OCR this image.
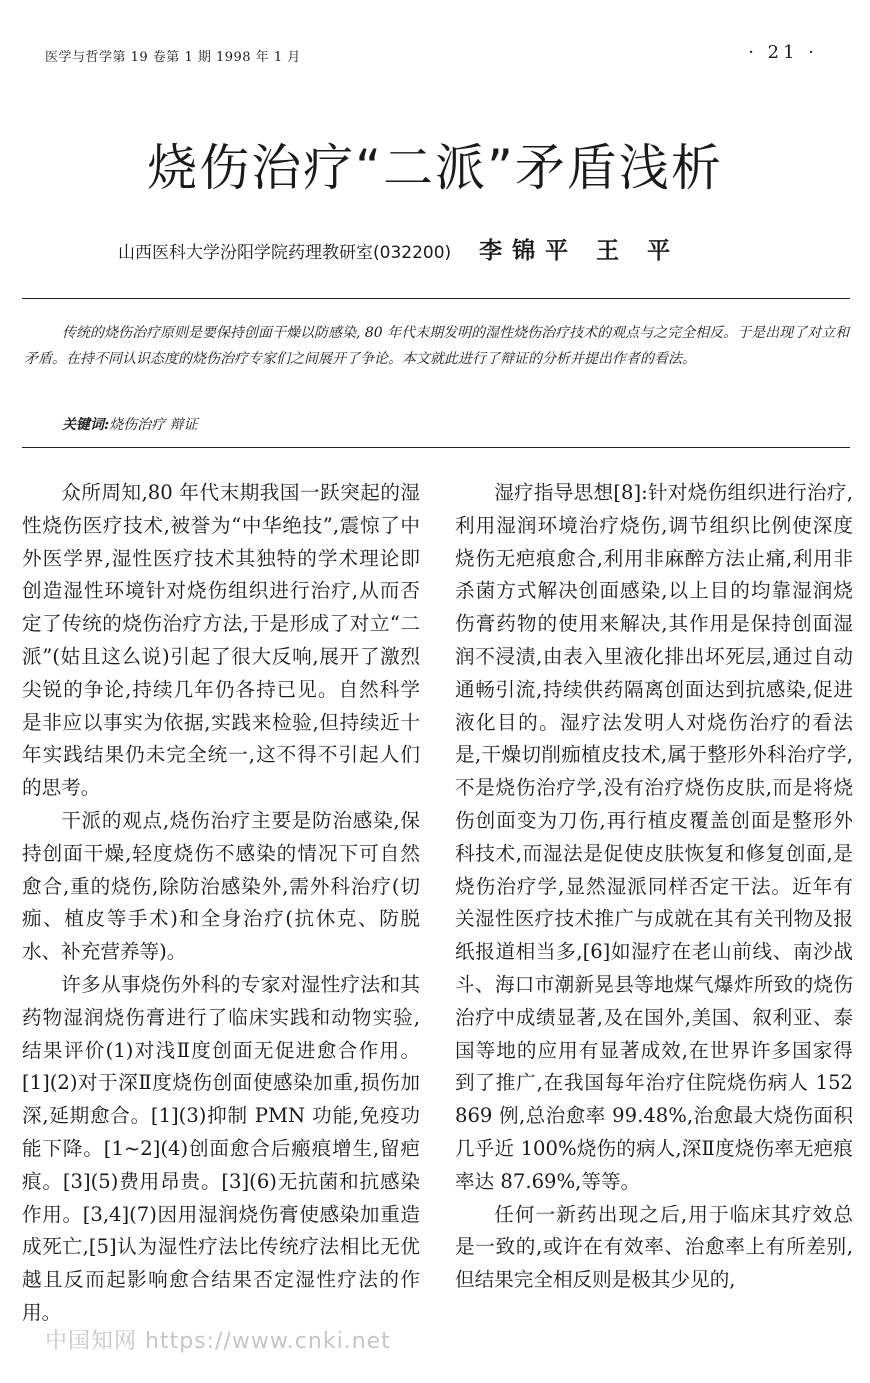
医学与哲学第 19 卷第 1 期 1998 年 1 月	· 21 ·
烧伤治疗“二派”矛盾浅析
山西医科大学汾阳学院药理教研室(032200) 李锦平 王 平
传统的烧伤治疗原则是要保持创面干燥以防感染, 80 年代末期发明的湿性烧伤治疗技术的观点与之完全相反。于是出现了对立和矛盾。在持不同认识态度的烧伤治疗专家们之间展开了争论。本文就此进行了辩证的分析并提出作者的看法。
关键词:烧伤治疗 辩证

众所周知,80 年代末期我国一跃突起的湿性烧伤医疗技术,被誉为“中华绝技”,震惊了中外医学界,湿性医疗技术其独特的学术理论即创造湿性环境针对烧伤组织进行治疗,从而否定了传统的烧伤治疗方法,于是形成了对立“二派”(姑且这么说)引起了很大反响,展开了激烈尖锐的争论,持续几年仍各持已见。自然科学是非应以事实为依据,实践来检验,但持续近十年实践结果仍未完全统一,这不得不引起人们的思考。

干派的观点,烧伤治疗主要是防治感染,保持创面干燥,轻度烧伤不感染的情况下可自然愈合,重的烧伤,除防治感染外,需外科治疗(切痂、植皮等手术)和全身治疗(抗休克、防脱水、补充营养等)。

许多从事烧伤外科的专家对湿性疗法和其药物湿润烧伤膏进行了临床实践和动物实验,结果评价(1)对浅Ⅱ度创面无促进愈合作用。[1](2)对于深Ⅱ度烧伤创面使感染加重,损伤加深,延期愈合。[1](3)抑制 PMN 功能,免疫功能下降。[1~2](4)创面愈合后瘢痕增生,留疤痕。[3](5)费用昂贵。[3](6)无抗菌和抗感染作用。[3,4](7)因用湿润烧伤膏使感染加重造成死亡,[5]认为湿性疗法比传统疗法相比无优越且反而起影响愈合结果否定湿性疗法的作用。

湿疗指导思想[8]:针对烧伤组织进行治疗,利用湿润环境治疗烧伤,调节组织比例使深度烧伤无疤痕愈合,利用非麻醉方法止痛,利用非杀菌方式解决创面感染,以上目的均靠湿润烧伤膏药物的使用来解决,其作用是保持创面湿润不浸渍,由表入里液化排出坏死层,通过自动通畅引流,持续供药隔离创面达到抗感染,促进液化目的。湿疗法发明人对烧伤治疗的看法是,干燥切削痂植皮技术,属于整形外科治疗学,不是烧伤治疗学,没有治疗烧伤皮肤,而是将烧伤创面变为刀伤,再行植皮覆盖创面是整形外科技术,而湿法是促使皮肤恢复和修复创面,是烧伤治疗学,显然湿派同样否定干法。近年有关湿性医疗技术推广与成就在其有关刊物及报纸报道相当多,[6]如湿疗在老山前线、南沙战斗、海口市潮新晃县等地煤气爆炸所致的烧伤治疗中成绩显著,及在国外,美国、叙利亚、泰国等地的应用有显著成效,在世界许多国家得到了推广,在我国每年治疗住院烧伤病人 152 869 例,总治愈率 99.48%,治愈最大烧伤面积几乎近 100%烧伤的病人,深Ⅱ度烧伤率无疤痕率达 87.69%,等等。

任何一新药出现之后,用于临床其疗效总是一致的,或许在有效率、治愈率上有所差别,但结果完全相反则是极其少见的,

中国知网 https://www.cnki.net
